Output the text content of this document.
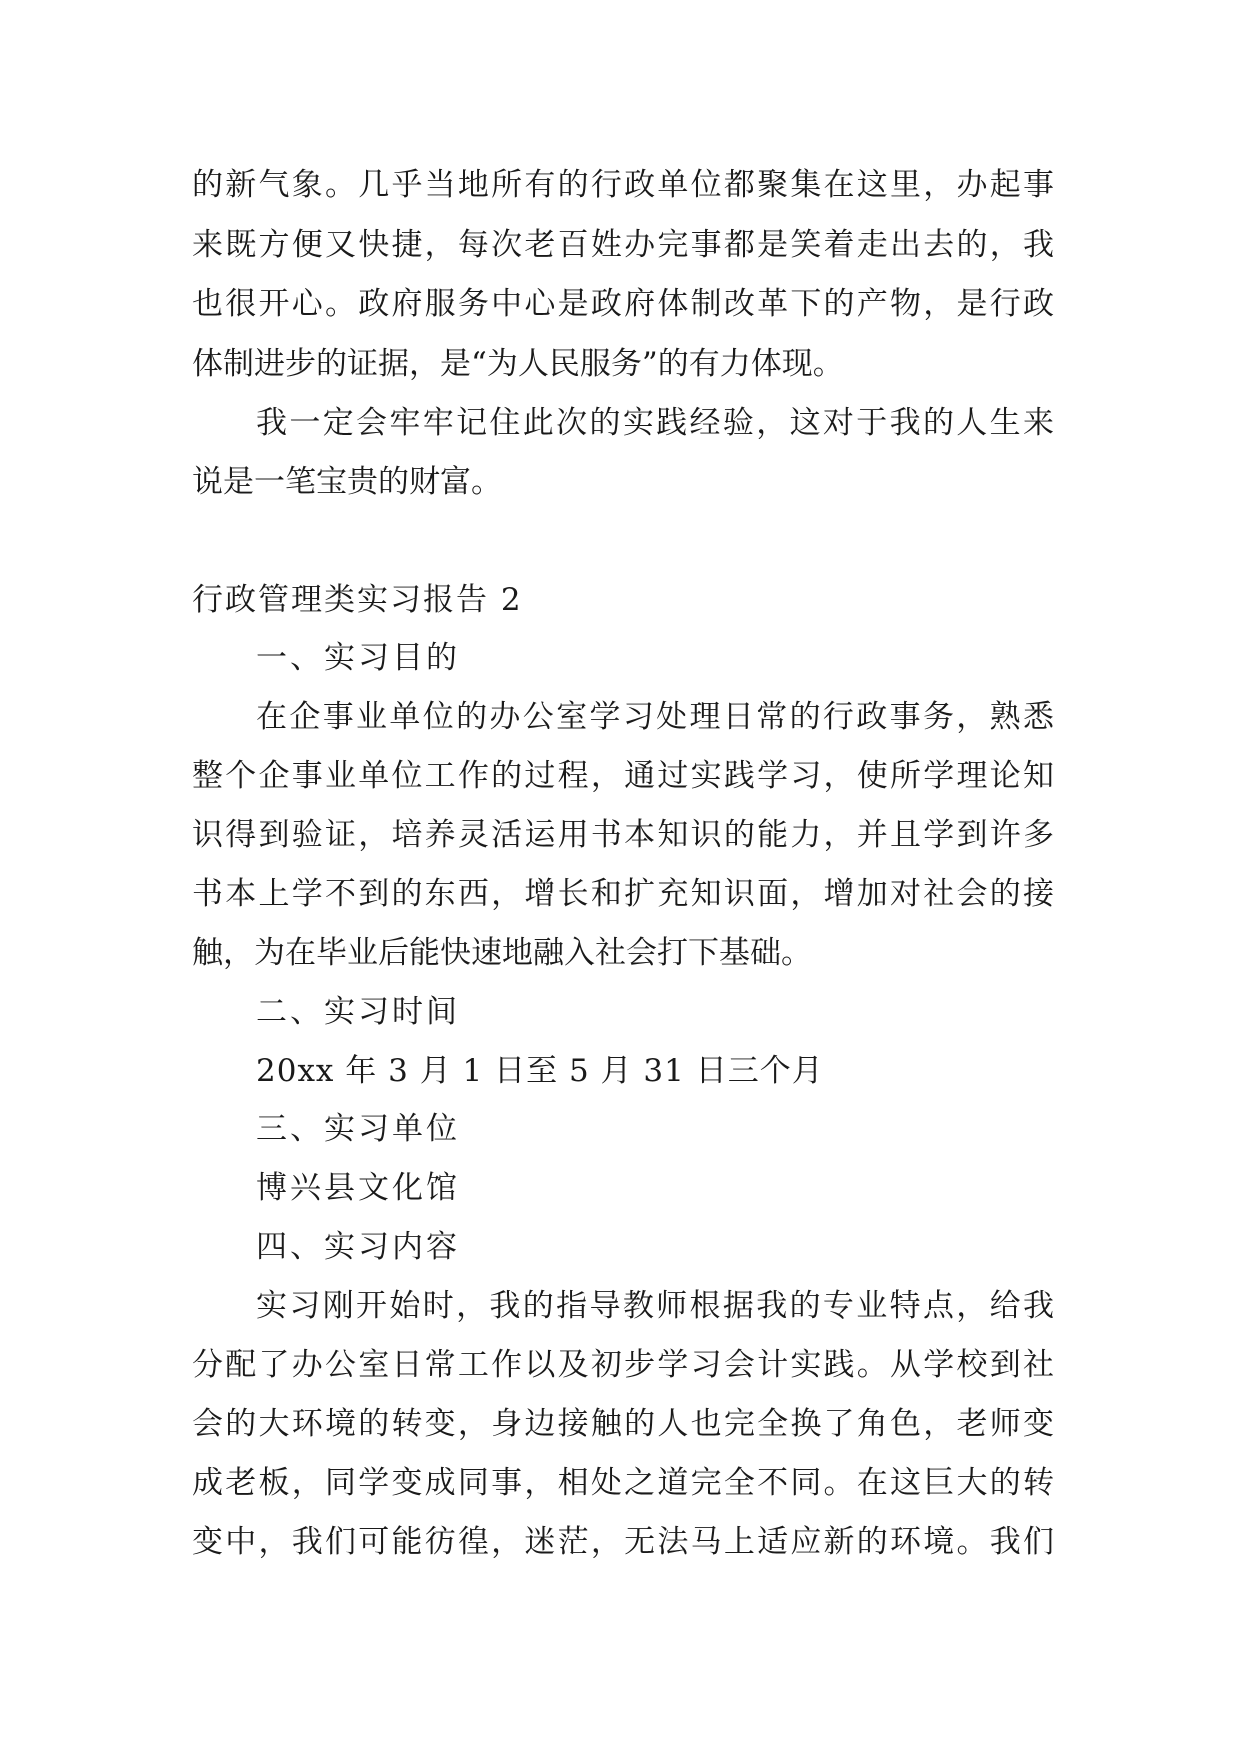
的新气象。几乎当地所有的行政单位都聚集在这里，办起事
来既方便又快捷，每次老百姓办完事都是笑着走出去的，我
也很开心。政府服务中心是政府体制改革下的产物，是行政
体制进步的证据，是“为人民服务”的有力体现。
我一定会牢牢记住此次的实践经验，这对于我的人生来
说是一笔宝贵的财富。
行政管理类实习报告 2
一、实习目的
在企事业单位的办公室学习处理日常的行政事务，熟悉
整个企事业单位工作的过程，通过实践学习，使所学理论知
识得到验证，培养灵活运用书本知识的能力，并且学到许多
书本上学不到的东西，增长和扩充知识面，增加对社会的接
触，为在毕业后能快速地融入社会打下基础。
二、实习时间
20xx 年 3 月 1 日至 5 月 31 日三个月
三、实习单位
博兴县文化馆
四、实习内容
实习刚开始时，我的指导教师根据我的专业特点，给我
分配了办公室日常工作以及初步学习会计实践。从学校到社
会的大环境的转变，身边接触的人也完全换了角色，老师变
成老板，同学变成同事，相处之道完全不同。在这巨大的转
变中，我们可能彷徨，迷茫，无法马上适应新的环境。我们
